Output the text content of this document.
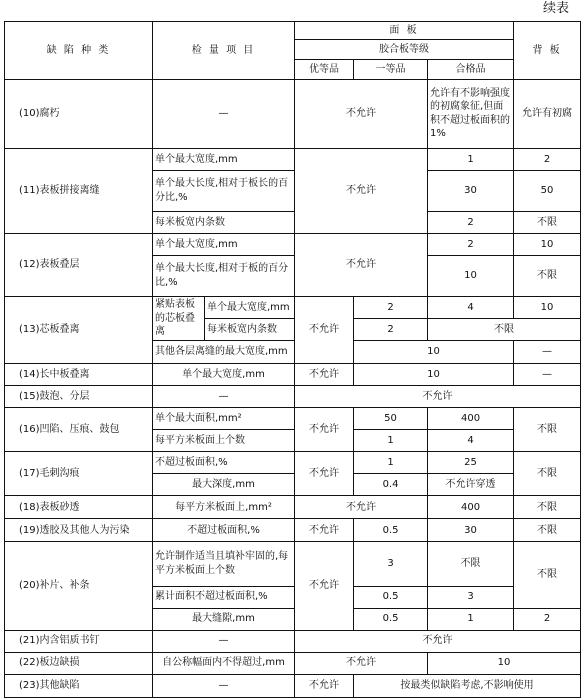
续表
缺 陷 种 类	检 量 项 目		面 板			背 板
			胶合板等级			
			优等品	一等品	合格品	
(10)腐朽	—		不允许		允许有不影响强度的初腐象征,但面积不超过板面积的1%	允许有初腐
(11)表板拼接离缝	单个最大宽度,mm		不允许		1	2
	单个最大长度,相对于板长的百分比,%				30	50
	每米板宽内条数				2	不限
(12)表板叠层	单个最大宽度,mm		不允许		2	10
	单个最大长度,相对于板的百分比,%				10	不限
(13)芯板叠离	紧贴表板的芯板叠离	单个最大宽度,mm	不允许	2	4	10
		每米板宽内条数		2	不限	
	其他各层离缝的最大宽度,mm			10		—
(14)长中板叠离	单个最大宽度,mm		不允许	10		—
(15)鼓泡、分层	—		不允许			
(16)凹陷、压痕、鼓包	单个最大面积,mm²		不允许	50	400	不限
	每平方米板面上个数			1	4	
(17)毛刺沟痕	不超过板面积,%		不允许	1	25	不限
	最大深度,mm			0.4	不允许穿透	
(18)表板砂透	每平方米板面上,mm²		不允许		400	不限
(19)透胶及其他人为污染	不超过板面积,%		不允许	0.5	30	不限
(20)补片、补条	允许制作适当且填补牢固的,每平方米板面上个数		不允许	3	不限	不限
	累计面积不超过板面积,%			0.5	3	
	最大缝隙,mm			0.5	1	2
(21)内含铝质书钉	—		不允许			
(22)板边缺损	自公称幅面内不得超过,mm		不允许		10	
(23)其他缺陷	—		不允许	按最类似缺陷考虑,不影响使用		
